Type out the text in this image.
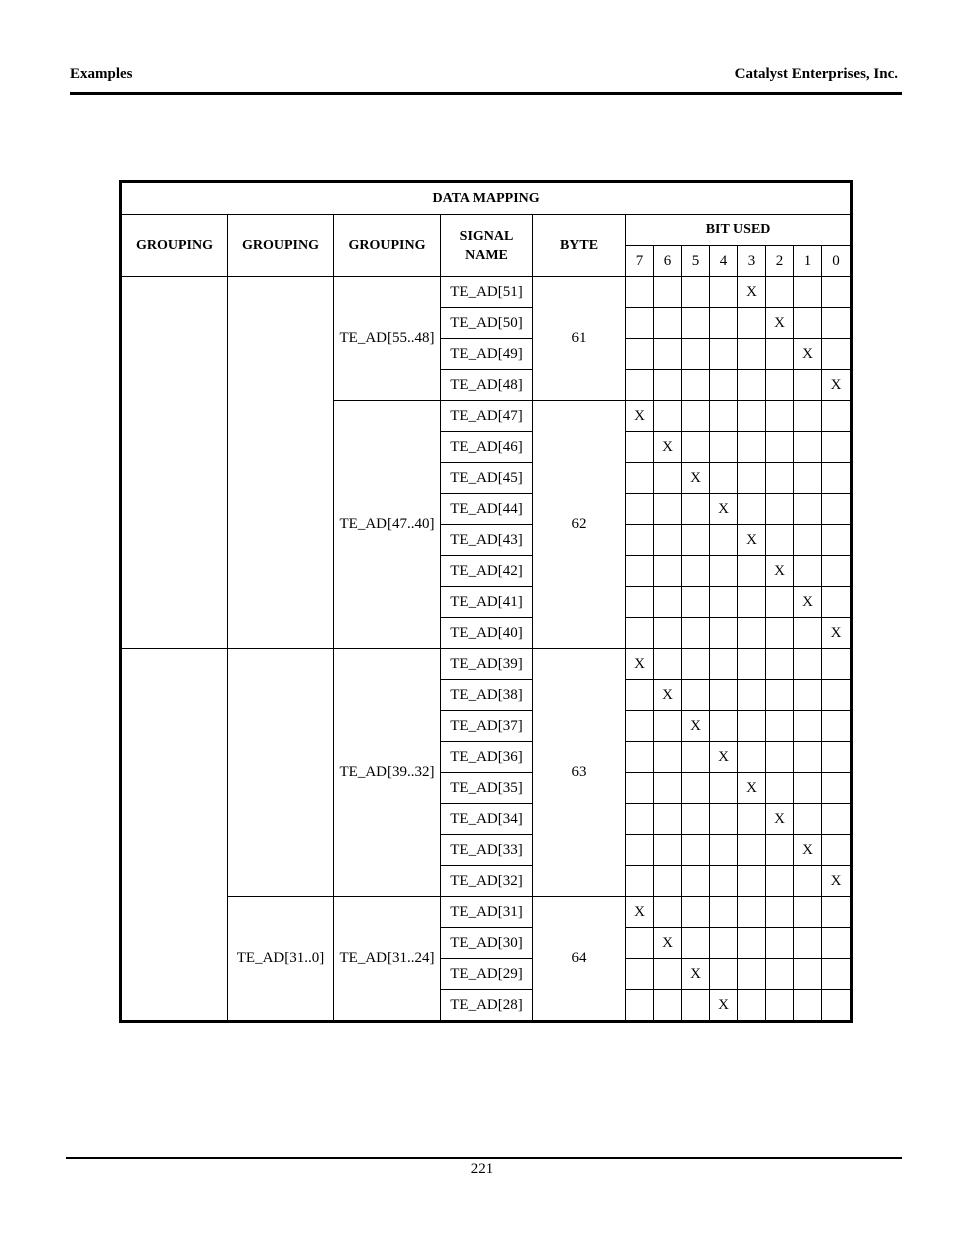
Examples	Catalyst Enterprises, Inc.
DATA MAPPING												
GROUPING	GROUPING	GROUPING	SIGNAL NAME	BYTE	BIT USED							
					7	6	5	4	3	2	1	0
		TE_AD[55..48]	TE_AD[51]	61					X			
			TE_AD[50]							X		
			TE_AD[49]								X	
			TE_AD[48]									X
		TE_AD[47..40]	TE_AD[47]	62	X							
			TE_AD[46]			X						
			TE_AD[45]				X					
			TE_AD[44]					X				
			TE_AD[43]						X			
			TE_AD[42]							X		
			TE_AD[41]								X	
			TE_AD[40]									X
		TE_AD[39..32]	TE_AD[39]	63	X							
			TE_AD[38]			X						
			TE_AD[37]				X					
			TE_AD[36]					X				
			TE_AD[35]						X			
			TE_AD[34]							X		
			TE_AD[33]								X	
			TE_AD[32]									X
	TE_AD[31..0]	TE_AD[31..24]	TE_AD[31]	64	X							
			TE_AD[30]			X						
			TE_AD[29]				X					
			TE_AD[28]					X				
221
